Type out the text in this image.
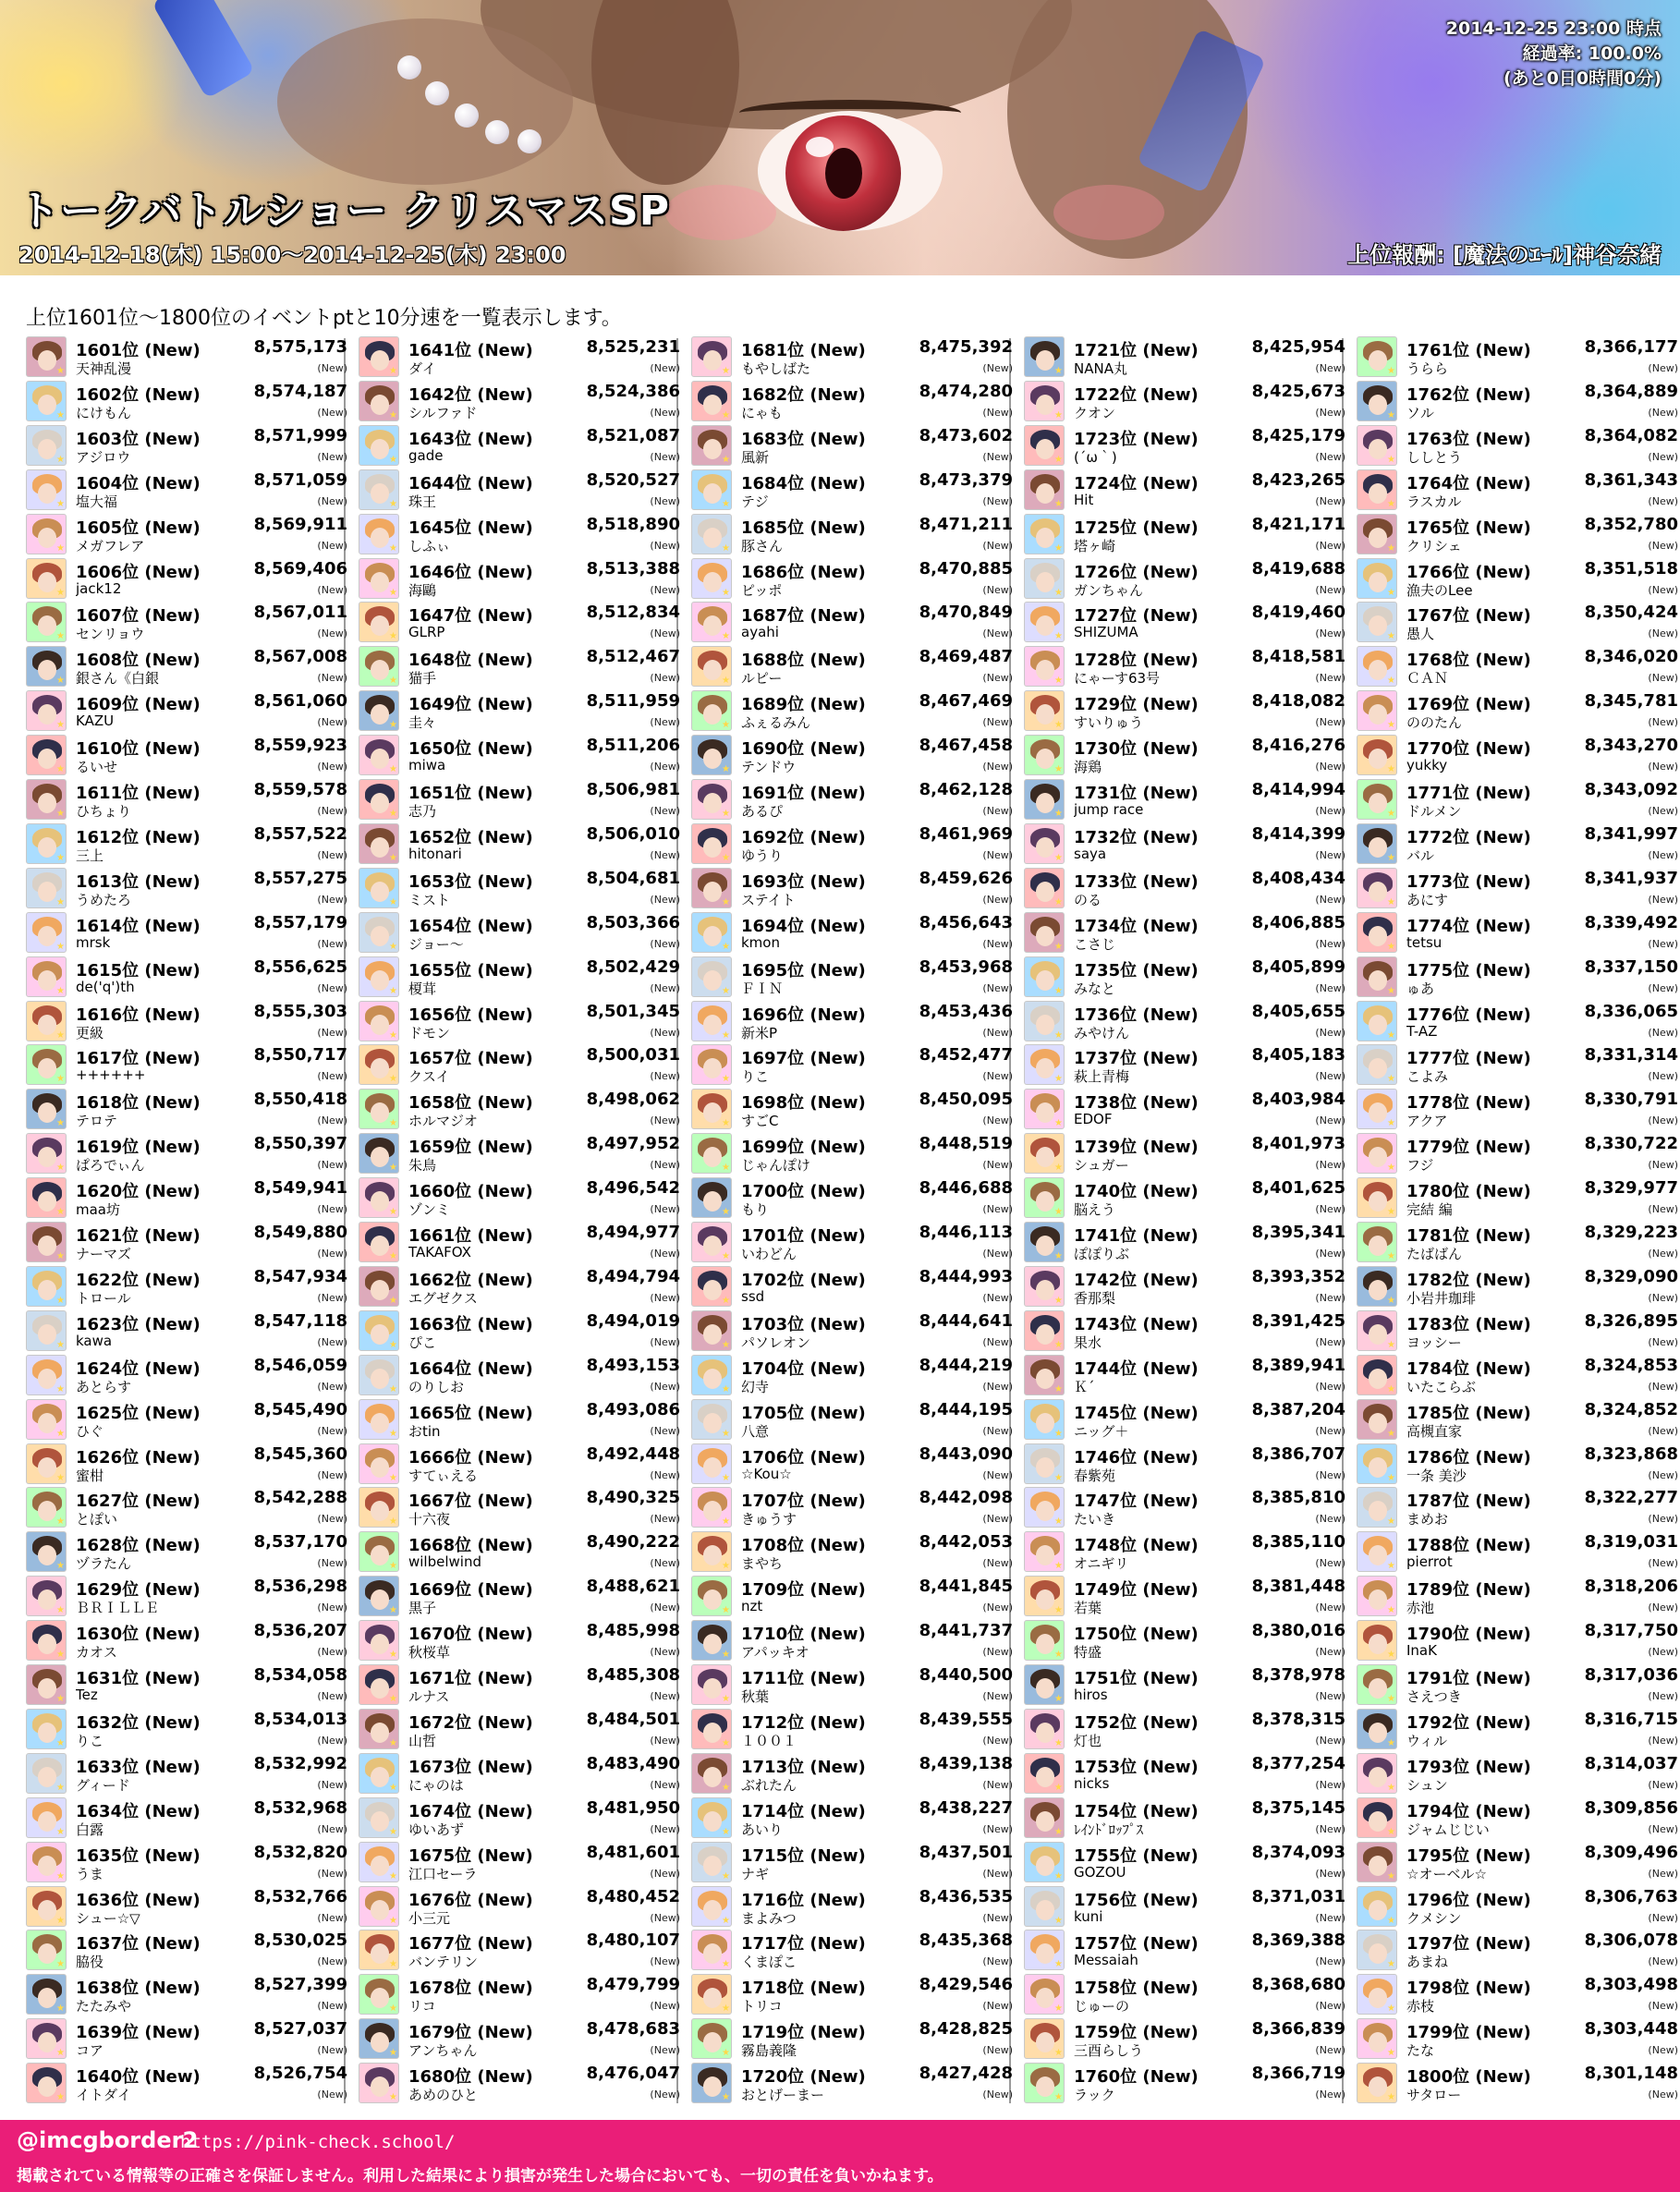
2014-12-25 23:00 時点
経過率: 100.0%
(あと0日0時間0分)
トークバトルショー クリスマスSP
2014-12-18(木) 15:00～2014-12-25(木) 23:00	上位報酬: [魔法のｴｰﾙ]神谷奈緒
上位1601位～1800位のイベントptと10分速を一覧表示します。
★
1601位 (New)	8,575,173
天神乱漫	(New)
★
1602位 (New)	8,574,187
にけもん	(New)
★
1603位 (New)	8,571,999
アジロウ	(New)
★
1604位 (New)	8,571,059
塩大福	(New)
★
1605位 (New)	8,569,911
メガフレア	(New)
★
1606位 (New)	8,569,406
jack12	(New)
★
1607位 (New)	8,567,011
センリョウ	(New)
★
1608位 (New)	8,567,008
銀さん《白銀	(New)
★
1609位 (New)	8,561,060
KAZU	(New)
★
1610位 (New)	8,559,923
るいせ	(New)
★
1611位 (New)	8,559,578
ひちょり	(New)
★
1612位 (New)	8,557,522
三上	(New)
★
1613位 (New)	8,557,275
うめたろ	(New)
★
1614位 (New)	8,557,179
mrsk	(New)
★
1615位 (New)	8,556,625
de('q')th	(New)
★
1616位 (New)	8,555,303
更級	(New)
★
1617位 (New)	8,550,717
++++++	(New)
★
1618位 (New)	8,550,418
テロテ	(New)
★
1619位 (New)	8,550,397
ぱろでぃん	(New)
★
1620位 (New)	8,549,941
maa坊	(New)
★
1621位 (New)	8,549,880
ナーマズ	(New)
★
1622位 (New)	8,547,934
トロール	(New)
★
1623位 (New)	8,547,118
kawa	(New)
★
1624位 (New)	8,546,059
あとらす	(New)
★
1625位 (New)	8,545,490
ひぐ	(New)
★
1626位 (New)	8,545,360
蜜柑	(New)
★
1627位 (New)	8,542,288
とぽい	(New)
★
1628位 (New)	8,537,170
ヅラたん	(New)
★
1629位 (New)	8,536,298
ＢＲＩＬＬＥ	(New)
★
1630位 (New)	8,536,207
カオス	(New)
★
1631位 (New)	8,534,058
Tez	(New)
★
1632位 (New)	8,534,013
りこ	(New)
★
1633位 (New)	8,532,992
グィード	(New)
★
1634位 (New)	8,532,968
白露	(New)
★
1635位 (New)	8,532,820
うま	(New)
★
1636位 (New)	8,532,766
シュー☆▽	(New)
★
1637位 (New)	8,530,025
脇役	(New)
★
1638位 (New)	8,527,399
たたみや	(New)
★
1639位 (New)	8,527,037
コア	(New)
★
1640位 (New)	8,526,754
イトダイ	(New)
★
1641位 (New)	8,525,231
ダイ	(New)
★
1642位 (New)	8,524,386
シルファド	(New)
★
1643位 (New)	8,521,087
gade	(New)
★
1644位 (New)	8,520,527
珠王	(New)
★
1645位 (New)	8,518,890
しふぃ	(New)
★
1646位 (New)	8,513,388
海鷗	(New)
★
1647位 (New)	8,512,834
GLRP	(New)
★
1648位 (New)	8,512,467
猫手	(New)
★
1649位 (New)	8,511,959
圭々	(New)
★
1650位 (New)	8,511,206
miwa	(New)
★
1651位 (New)	8,506,981
志乃	(New)
★
1652位 (New)	8,506,010
hitonari	(New)
★
1653位 (New)	8,504,681
ミスト	(New)
★
1654位 (New)	8,503,366
ジョー～	(New)
★
1655位 (New)	8,502,429
榎茸	(New)
★
1656位 (New)	8,501,345
ドモン	(New)
★
1657位 (New)	8,500,031
クスイ	(New)
★
1658位 (New)	8,498,062
ホルマジオ	(New)
★
1659位 (New)	8,497,952
朱鳥	(New)
★
1660位 (New)	8,496,542
ゾンミ	(New)
★
1661位 (New)	8,494,977
TAKAFOX	(New)
★
1662位 (New)	8,494,794
エグゼクス	(New)
★
1663位 (New)	8,494,019
ぴこ	(New)
★
1664位 (New)	8,493,153
のりしお	(New)
★
1665位 (New)	8,493,086
おtin	(New)
★
1666位 (New)	8,492,448
すてぃえる	(New)
★
1667位 (New)	8,490,325
十六夜	(New)
★
1668位 (New)	8,490,222
wilbelwind	(New)
★
1669位 (New)	8,488,621
黒子	(New)
★
1670位 (New)	8,485,998
秋桜草	(New)
★
1671位 (New)	8,485,308
ルナス	(New)
★
1672位 (New)	8,484,501
山哲	(New)
★
1673位 (New)	8,483,490
にゃのは	(New)
★
1674位 (New)	8,481,950
ゆいあず	(New)
★
1675位 (New)	8,481,601
江口セーラ	(New)
★
1676位 (New)	8,480,452
小三元	(New)
★
1677位 (New)	8,480,107
バンテリン	(New)
★
1678位 (New)	8,479,799
リコ	(New)
★
1679位 (New)	8,478,683
アンちゃん	(New)
★
1680位 (New)	8,476,047
あめのひと	(New)
★
1681位 (New)	8,475,392
もやしばた	(New)
★
1682位 (New)	8,474,280
にゃも	(New)
★
1683位 (New)	8,473,602
風新	(New)
★
1684位 (New)	8,473,379
テジ	(New)
★
1685位 (New)	8,471,211
豚さん	(New)
★
1686位 (New)	8,470,885
ピッポ	(New)
★
1687位 (New)	8,470,849
ayahi	(New)
★
1688位 (New)	8,469,487
ルピー	(New)
★
1689位 (New)	8,467,469
ふぇるみん	(New)
★
1690位 (New)	8,467,458
テンドウ	(New)
★
1691位 (New)	8,462,128
あるぴ	(New)
★
1692位 (New)	8,461,969
ゆうり	(New)
★
1693位 (New)	8,459,626
ステイト	(New)
★
1694位 (New)	8,456,643
kmon	(New)
★
1695位 (New)	8,453,968
ＦＩＮ	(New)
★
1696位 (New)	8,453,436
新米P	(New)
★
1697位 (New)	8,452,477
りこ	(New)
★
1698位 (New)	8,450,095
すごC	(New)
★
1699位 (New)	8,448,519
じゃんぽけ	(New)
★
1700位 (New)	8,446,688
もり	(New)
★
1701位 (New)	8,446,113
いわどん	(New)
★
1702位 (New)	8,444,993
ssd	(New)
★
1703位 (New)	8,444,641
パソレオン	(New)
★
1704位 (New)	8,444,219
幻寺	(New)
★
1705位 (New)	8,444,195
八意	(New)
★
1706位 (New)	8,443,090
☆Kou☆	(New)
★
1707位 (New)	8,442,098
きゅうす	(New)
★
1708位 (New)	8,442,053
まやち	(New)
★
1709位 (New)	8,441,845
nzt	(New)
★
1710位 (New)	8,441,737
アパッキオ	(New)
★
1711位 (New)	8,440,500
秋葉	(New)
★
1712位 (New)	8,439,555
１００１	(New)
★
1713位 (New)	8,439,138
ぶれたん	(New)
★
1714位 (New)	8,438,227
あいり	(New)
★
1715位 (New)	8,437,501
ナギ	(New)
★
1716位 (New)	8,436,535
まよみつ	(New)
★
1717位 (New)	8,435,368
くまぽこ	(New)
★
1718位 (New)	8,429,546
トリコ	(New)
★
1719位 (New)	8,428,825
霧島義隆	(New)
★
1720位 (New)	8,427,428
おとげーまー	(New)
★
1721位 (New)	8,425,954
NANA丸	(New)
★
1722位 (New)	8,425,673
クオン	(New)
★
1723位 (New)	8,425,179
(´ω｀)	(New)
★
1724位 (New)	8,423,265
Hit	(New)
★
1725位 (New)	8,421,171
塔ヶ崎	(New)
★
1726位 (New)	8,419,688
ガンちゃん	(New)
★
1727位 (New)	8,419,460
SHIZUMA	(New)
★
1728位 (New)	8,418,581
にゃーす63号	(New)
★
1729位 (New)	8,418,082
すいりゅう	(New)
★
1730位 (New)	8,416,276
海鶏	(New)
★
1731位 (New)	8,414,994
jump race	(New)
★
1732位 (New)	8,414,399
saya	(New)
★
1733位 (New)	8,408,434
のる	(New)
★
1734位 (New)	8,406,885
こさじ	(New)
★
1735位 (New)	8,405,899
みなと	(New)
★
1736位 (New)	8,405,655
みやけん	(New)
★
1737位 (New)	8,405,183
萩上青梅	(New)
★
1738位 (New)	8,403,984
EDOF	(New)
★
1739位 (New)	8,401,973
シュガー	(New)
★
1740位 (New)	8,401,625
脳えう	(New)
★
1741位 (New)	8,395,341
ぽぽりぶ	(New)
★
1742位 (New)	8,393,352
香那梨	(New)
★
1743位 (New)	8,391,425
果水	(New)
★
1744位 (New)	8,389,941
Ｋ´	(New)
★
1745位 (New)	8,387,204
ニッグ＋	(New)
★
1746位 (New)	8,386,707
春紫苑	(New)
★
1747位 (New)	8,385,810
たいき	(New)
★
1748位 (New)	8,385,110
オニギリ	(New)
★
1749位 (New)	8,381,448
若葉	(New)
★
1750位 (New)	8,380,016
特盛	(New)
★
1751位 (New)	8,378,978
hiros	(New)
★
1752位 (New)	8,378,315
灯也	(New)
★
1753位 (New)	8,377,254
nicks	(New)
★
1754位 (New)	8,375,145
ﾚｲﾝﾄﾞﾛｯﾌﾟｽ	(New)
★
1755位 (New)	8,374,093
GOZOU	(New)
★
1756位 (New)	8,371,031
kuni	(New)
★
1757位 (New)	8,369,388
Messaiah	(New)
★
1758位 (New)	8,368,680
じゅーの	(New)
★
1759位 (New)	8,366,839
三酉らしう	(New)
★
1760位 (New)	8,366,719
ラック	(New)
★
1761位 (New)	8,366,177
うらら	(New)
★
1762位 (New)	8,364,889
ソル	(New)
★
1763位 (New)	8,364,082
ししとう	(New)
★
1764位 (New)	8,361,343
ラスカル	(New)
★
1765位 (New)	8,352,780
クリシェ	(New)
★
1766位 (New)	8,351,518
漁夫のLee	(New)
★
1767位 (New)	8,350,424
愚人	(New)
★
1768位 (New)	8,346,020
ＣＡＮ	(New)
★
1769位 (New)	8,345,781
ののたん	(New)
★
1770位 (New)	8,343,270
yukky	(New)
★
1771位 (New)	8,343,092
ドルメン	(New)
★
1772位 (New)	8,341,997
バル	(New)
★
1773位 (New)	8,341,937
あにす	(New)
★
1774位 (New)	8,339,492
tetsu	(New)
★
1775位 (New)	8,337,150
ゅあ	(New)
★
1776位 (New)	8,336,065
T-AZ	(New)
★
1777位 (New)	8,331,314
こよみ	(New)
★
1778位 (New)	8,330,791
アクア	(New)
★
1779位 (New)	8,330,722
フジ	(New)
★
1780位 (New)	8,329,977
完結 編	(New)
★
1781位 (New)	8,329,223
たばばん	(New)
★
1782位 (New)	8,329,090
小岩井珈琲	(New)
★
1783位 (New)	8,326,895
ヨッシー	(New)
★
1784位 (New)	8,324,853
いたこらぶ	(New)
★
1785位 (New)	8,324,852
高槻直家	(New)
★
1786位 (New)	8,323,868
一条 美沙	(New)
★
1787位 (New)	8,322,277
まめお	(New)
★
1788位 (New)	8,319,031
pierrot	(New)
★
1789位 (New)	8,318,206
赤池	(New)
★
1790位 (New)	8,317,750
InaK	(New)
★
1791位 (New)	8,317,036
さえつき	(New)
★
1792位 (New)	8,316,715
ウィル	(New)
★
1793位 (New)	8,314,037
シュン	(New)
★
1794位 (New)	8,309,856
ジャムじじい	(New)
★
1795位 (New)	8,309,496
☆オーベル☆	(New)
★
1796位 (New)	8,306,763
クメシン	(New)
★
1797位 (New)	8,306,078
あまね	(New)
★
1798位 (New)	8,303,498
赤枝	(New)
★
1799位 (New)	8,303,448
たな	(New)
★
1800位 (New)	8,301,148
サタロー	(New)
@imcgborder2
https://pink-check.school/
掲載されている情報等の正確さを保証しません。利用した結果により損害が発生した場合においても、一切の責任を負いかねます。
